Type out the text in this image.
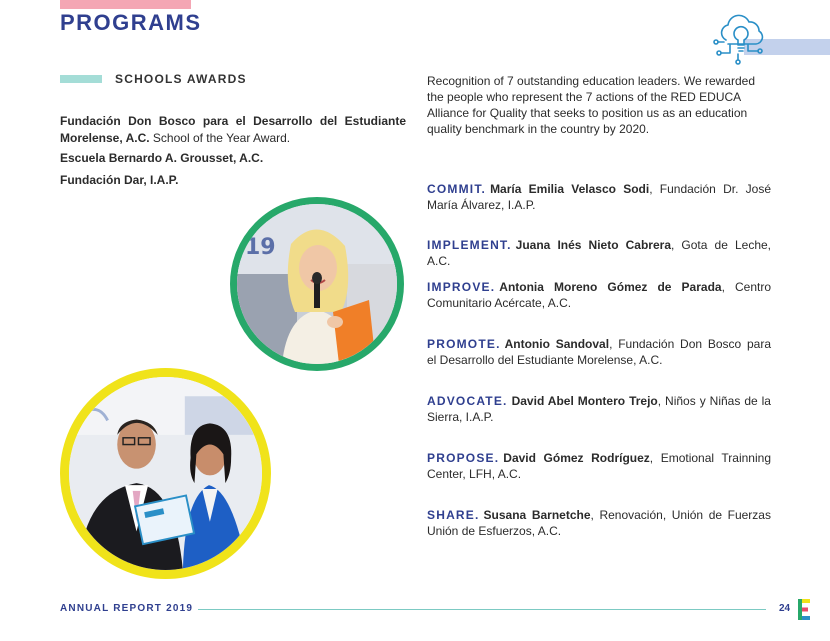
PROGRAMS
SCHOOLS AWARDS
Fundación Don Bosco para el Desarrollo del Estudiante Morelense, A.C. School of the Year Award.
Escuela Bernardo A. Grousset, A.C.
Fundación Dar, I.A.P.
Recognition of 7 outstanding education leaders. We rewarded the people who represent the 7 actions of the RED EDUCA Alliance for Quality that seeks to position us as an education quality benchmark in the country by 2020.
COMMIT. María Emilia Velasco Sodi, Fundación Dr. José María Álvarez, I.A.P.
IMPLEMENT. Juana Inés Nieto Cabrera, Gota de Leche, A.C.
IMPROVE. Antonia Moreno Gómez de Parada, Centro Comunitario Acércate, A.C.
PROMOTE. Antonio Sandoval, Fundación Don Bosco para el Desarrollo del Estudiante Morelense, A.C.
ADVOCATE. David Abel Montero Trejo, Niños y Niñas de la Sierra, I.A.P.
PROPOSE. David Gómez Rodríguez, Emotional Trainning Center, LFH, A.C.
SHARE. Susana Barnetche, Renovación, Unión de Fuerzas Unión de Esfuerzos, A.C.
19
ANNUAL REPORT 2019	24
